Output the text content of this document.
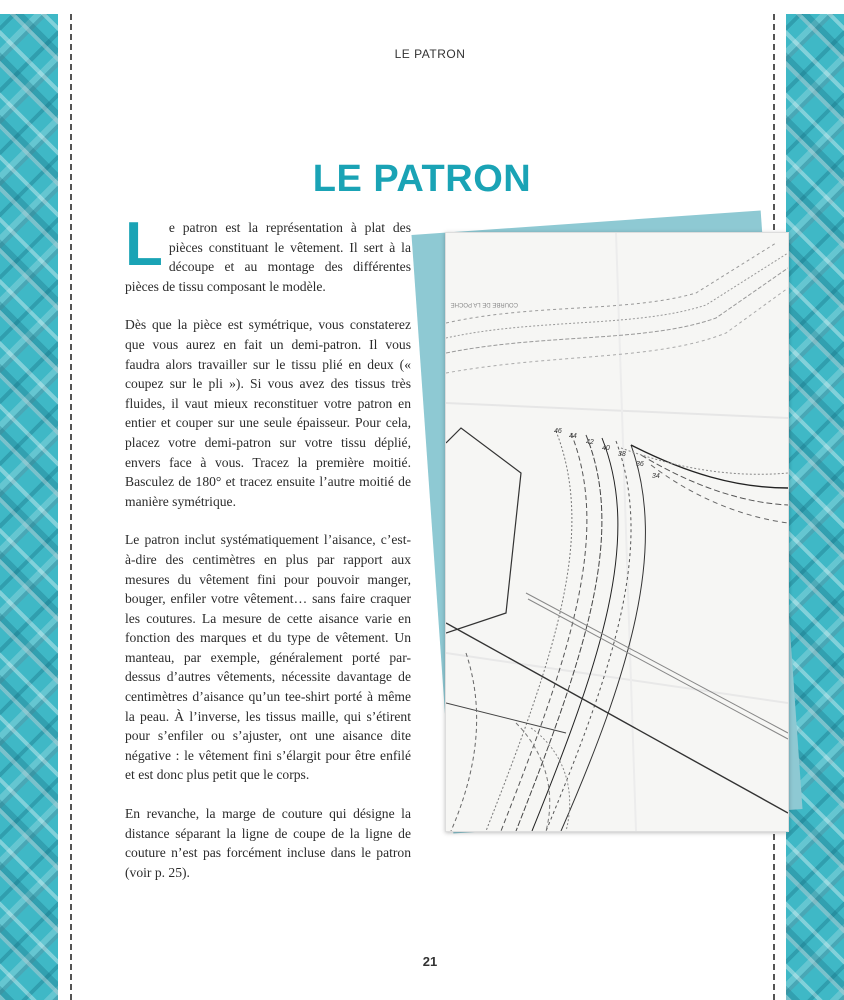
LE PATRON
LE PATRON

Le patron est la représentation à plat des pièces constituant le vêtement. Il sert à la découpe et au montage des différentes pièces de tissu composant le modèle.

Dès que la pièce est symétrique, vous constaterez que vous aurez en fait un demi-patron. Il vous faudra alors travailler sur le tissu plié en deux (« coupez sur le pli »). Si vous avez des tissus très fluides, il vaut mieux reconstituer votre patron en entier et couper sur une seule épaisseur. Pour cela, placez votre demi-patron sur votre tissu déplié, envers face à vous. Tracez la première moitié. Basculez de 180° et tracez ensuite l’autre moitié de manière symétrique.

Le patron inclut systématiquement l’aisance, c’est-à-dire des centimètres en plus par rapport aux mesures du vêtement fini pour pouvoir manger, bouger, enfiler votre vêtement… sans faire craquer les coutures. La mesure de cette aisance varie en fonction des marques et du type de vêtement. Un manteau, par exemple, généralement porté par-dessus d’autres vêtements, nécessite davantage de centimètres d’aisance qu’un tee-shirt porté à même la peau. À l’inverse, les tissus maille, qui s’étirent pour s’enfiler ou s’ajuster, ont une aisance dite négative : le vêtement fini s’élargit pour être enfilé et est donc plus petit que le corps.

En revanche, la marge de couture qui désigne la distance séparant la ligne de coupe de la ligne de couture n’est pas forcément incluse dans le patron (voir p. 25).

COURBE DE LA POCHE
46
44
42
40
38
36
34
21
